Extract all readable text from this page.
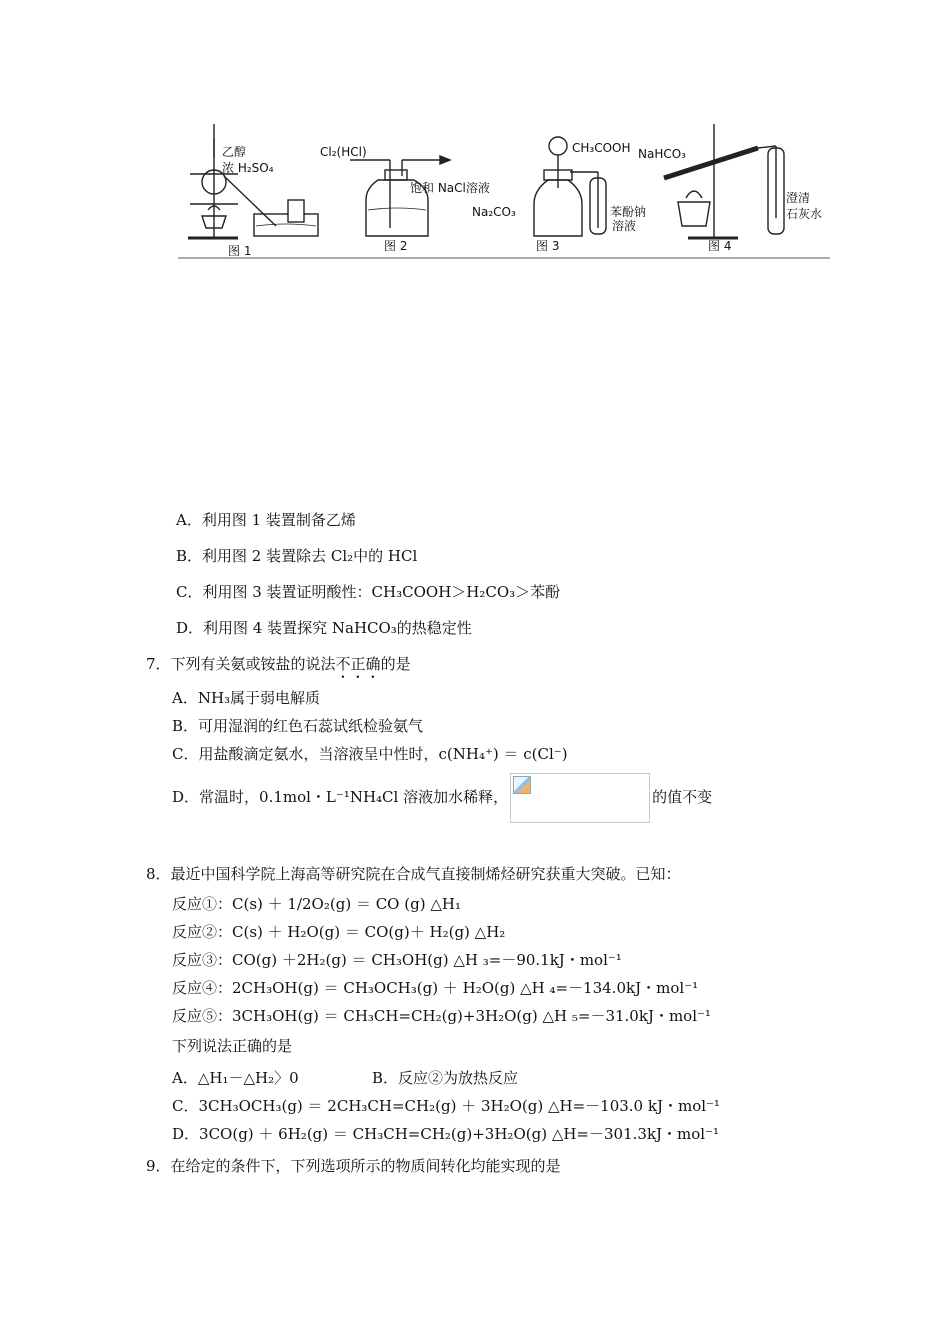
乙醇
浓 H₂SO₄
图 1
Cl₂(HCl)
饱和 NaCl溶液
图 2
CH₃COOH
Na₂CO₃	苯酚钠
溶液
图 3
NaHCO₃
澄清
石灰水
图 4
A．利用图 1 装置制备乙烯
B．利用图 2 装置除去 Cl₂中的 HCl
C．利用图 3 装置证明酸性：CH₃COOH＞H₂CO₃＞苯酚
D．利用图 4 装置探究 NaHCO₃的热稳定性
7．下列有关氨或铵盐的说法不正确的是
A．NH₃属于弱电解质
B．可用湿润的红色石蕊试纸检验氨气
C．用盐酸滴定氨水，当溶液呈中性时，c(NH₄⁺) ＝ c(Cl⁻)
D．常温时，0.1mol・L⁻¹NH₄Cl 溶液加水稀释，	的值不变
8．最近中国科学院上海高等研究院在合成气直接制烯烃研究获重大突破。已知：
反应①：C(s) ＋ 1/2O₂(g) ＝ CO (g) △H₁
反应②：C(s) ＋ H₂O(g) ＝ CO(g)＋ H₂(g) △H₂
反应③：CO(g) ＋2H₂(g) ＝ CH₃OH(g) △H ₃=－90.1kJ・mol⁻¹
反应④：2CH₃OH(g) ＝ CH₃OCH₃(g) ＋ H₂O(g) △H ₄=－134.0kJ・mol⁻¹
反应⑤：3CH₃OH(g) ＝ CH₃CH=CH₂(g)+3H₂O(g) △H ₅=－31.0kJ・mol⁻¹
下列说法正确的是
A．△H₁－△H₂〉0	B．反应②为放热反应
C．3CH₃OCH₃(g) ＝ 2CH₃CH=CH₂(g) ＋ 3H₂O(g) △H=－103.0 kJ・mol⁻¹
D．3CO(g) ＋ 6H₂(g) ＝ CH₃CH=CH₂(g)+3H₂O(g) △H=－301.3kJ・mol⁻¹
9．在给定的条件下，下列选项所示的物质间转化均能实现的是
